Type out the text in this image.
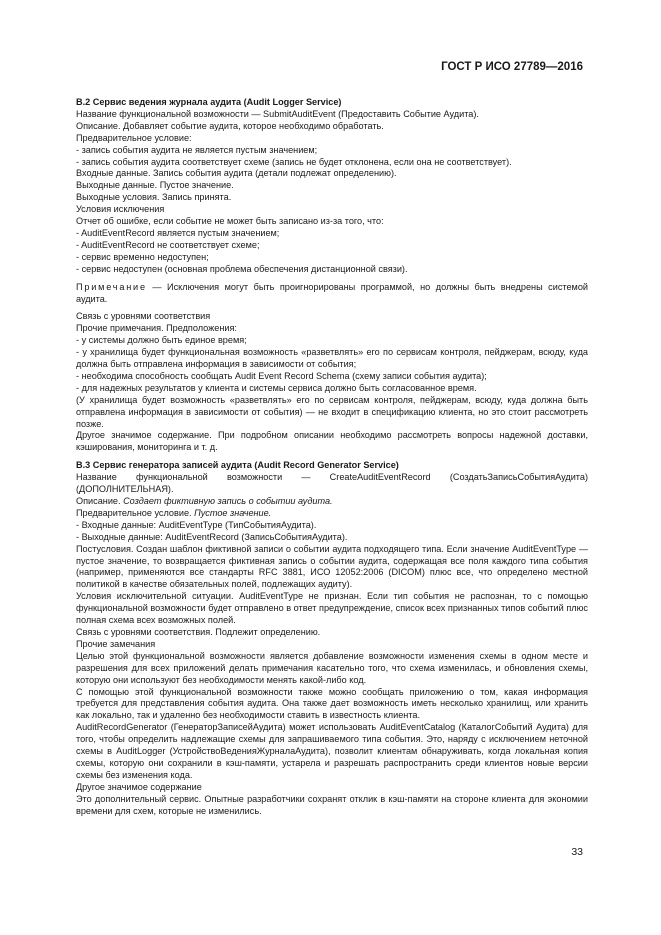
ГОСТ Р ИСО 27789—2016

B.2 Сервис ведения журнала аудита (Audit Logger Service)

Название функциональной возможности — SubmitAuditEvent (Предоставить Событие Аудита).

Описание. Добавляет событие аудита, которое необходимо обработать.

Предварительное условие:

- запись события аудита не является пустым значением;

- запись события аудита соответствует схеме (запись не будет отклонена, если она не соответствует).

Входные данные. Запись события аудита (детали подлежат определению).

Выходные данные. Пустое значение.

Выходные условия. Запись принята.

Условия исключения

Отчет об ошибке, если событие не может быть записано из-за того, что:

- AuditEventRecord является пустым значением;

- AuditEventRecord не соответствует схеме;

- сервис временно недоступен;

- сервис недоступен (основная проблема обеспечения дистанционной связи).

Примечание — Исключения могут быть проигнорированы программой, но должны быть внедрены системой аудита.

Связь с уровнями соответствия

Прочие примечания. Предположения:

- у системы должно быть единое время;

- у хранилища будет функциональная возможность «разветвлять» его по сервисам контроля, пейджерам, всюду, куда должна быть отправлена информация в зависимости от события;

- необходима способность сообщать Audit Event Record Schema (схему записи события аудита);

- для надежных результатов у клиента и системы сервиса должно быть согласованное время.

(У хранилища будет возможность «разветвлять» его по сервисам контроля, пейджерам, всюду, куда должна быть отправлена информация в зависимости от события) — не входит в спецификацию клиента, но это стоит рассмотреть позже.

Другое значимое содержание. При подробном описании необходимо рассмотреть вопросы надежной доставки, кэширования, мониторинга и т. д.

B.3 Сервис генератора записей аудита (Audit Record Generator Service)

Название функциональной возможности — CreateAuditEventRecord (СоздатьЗаписьСобытияАудита) (ДОПОЛНИТЕЛЬНАЯ).

Описание. Создает фиктивную запись о событии аудита.

Предварительное условие. Пустое значение.

- Входные данные: AuditEventType (ТипСобытияАудита).

- Выходные данные: AuditEventRecord (ЗаписьСобытияАудита).

Постусловия. Создан шаблон фиктивной записи о событии аудита подходящего типа. Если значение AuditEventType — пустое значение, то возвращается фиктивная запись о событии аудита, содержащая все поля каждого типа события (например, применяются все стандарты RFC 3881, ИСО 12052:2006 (DICOM) плюс все, что определено местной политикой в качестве обязательных полей, подлежащих аудиту).

Условия исключительной ситуации. AuditEventType не признан. Если тип события не распознан, то с помощью функциональной возможности будет отправлено в ответ предупреждение, список всех признанных типов событий плюс полная схема всех возможных полей.

Связь с уровнями соответствия. Подлежит определению.

Прочие замечания

Целью этой функциональной возможности является добавление возможности изменения схемы в одном месте и разрешения для всех приложений делать примечания касательно того, что схема изменилась, и обновления схемы, которую они используют без необходимости менять какой-либо код.

С помощью этой функциональной возможности также можно сообщать приложению о том, какая информация требуется для представления события аудита. Она также дает возможность иметь несколько хранилищ, или хранить как локально, так и удаленно без необходимости ставить в известность клиента.

AuditRecordGenerator (ГенераторЗаписейАудита) может использовать AuditEventCatalog (КаталогСобытий Аудита) для того, чтобы определить надлежащие схемы для запрашиваемого типа события. Это, наряду с исключением неточной схемы в AuditLogger (УстройствоВеденияЖурналаАудита), позволит клиентам обнаруживать, когда локальная копия схемы, которую они сохранили в кэш-памяти, устарела и разрешать распространить среди клиентов новые версии схемы без изменения кода.

Другое значимое содержание

Это дополнительный сервис. Опытные разработчики сохранят отклик в кэш-памяти на стороне клиента для экономии времени для схем, которые не изменились.

33
